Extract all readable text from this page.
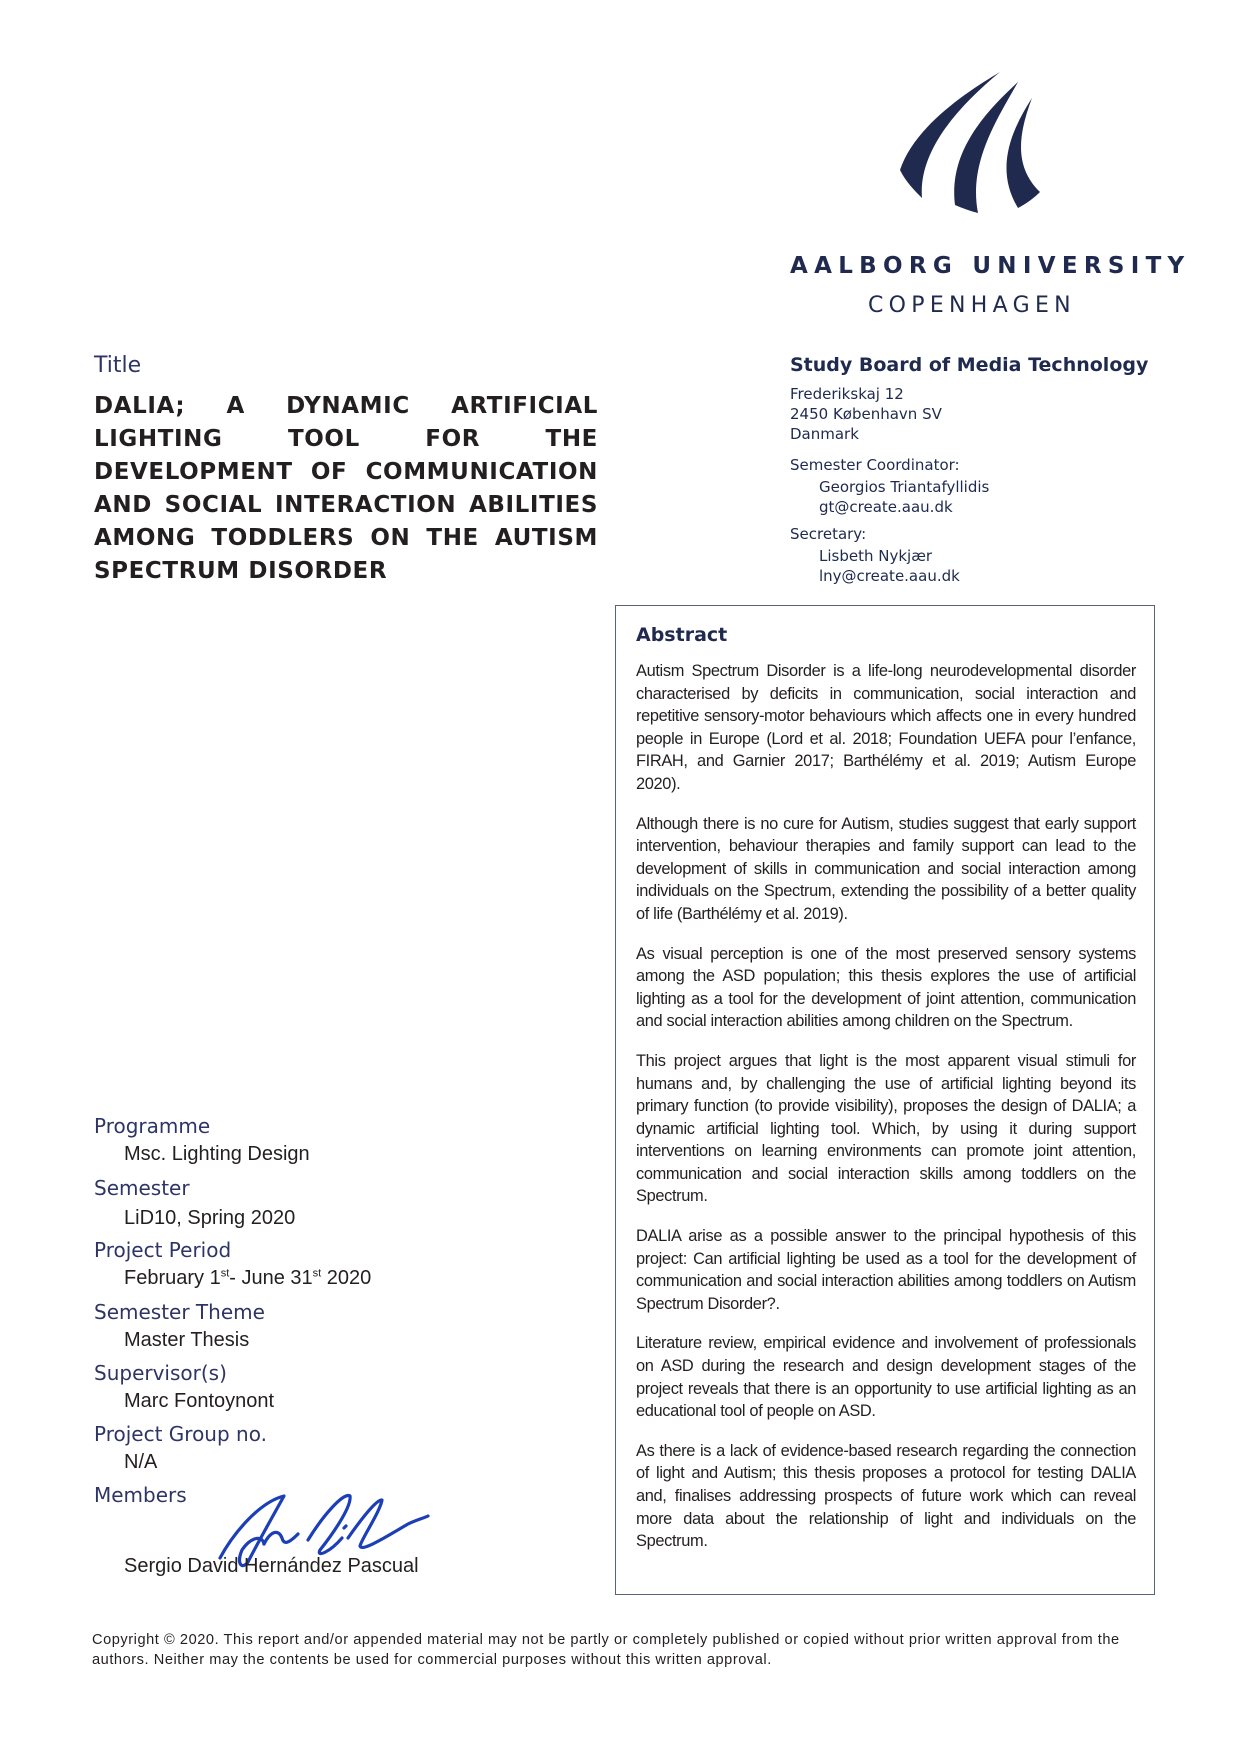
AALBORG UNIVERSITY
COPENHAGEN
Title
DALIA; A DYNAMIC ARTIFICIAL LIGHTING TOOL FOR THE DEVELOPMENT OF COMMUNICATION AND SOCIAL INTERACTION ABILITIES AMONG TODDLERS ON THE AUTISM SPECTRUM DISORDER
Study Board of Media Technology
Frederikskaj 12
2450 København SV
Danmark
Semester Coordinator:
Georgios Triantafyllidis
gt@create.aau.dk
Secretary:
Lisbeth Nykjær
lny@create.aau.dk
Abstract

Autism Spectrum Disorder is a life-long neurodevelopmental disorder characterised by deficits in communication, social interaction and repetitive sensory-motor behaviours which affects one in every hundred people in Europe (Lord et al. 2018; Foundation UEFA pour l’enfance, FIRAH, and Garnier 2017; Barthélémy et al. 2019; Autism Europe 2020).

Although there is no cure for Autism, studies suggest that early support intervention, behaviour therapies and family support can lead to the development of skills in communication and social interaction among individuals on the Spectrum, extending the possibility of a better quality of life (Barthélémy et al. 2019).

As visual perception is one of the most preserved sensory systems among the ASD population; this thesis explores the use of artificial lighting as a tool for the development of joint attention, communication and social interaction abilities among children on the Spectrum.

This project argues that light is the most apparent visual stimuli for humans and, by challenging the use of artificial lighting beyond its primary function (to provide visibility), proposes the design of DALIA; a dynamic artificial lighting tool. Which, by using it during support interventions on learning environments can promote joint attention, communication and social interaction skills among toddlers on the Spectrum.

DALIA arise as a possible answer to the principal hypothesis of this project: Can artificial lighting be used as a tool for the development of communication and social interaction abilities among toddlers on Autism Spectrum Disorder?.

Literature review, empirical evidence and involvement of professionals on ASD during the research and design development stages of the project reveals that there is an opportunity to use artificial lighting as an educational tool of people on ASD.

As there is a lack of evidence-based research regarding the connection of light and Autism; this thesis proposes a protocol for testing DALIA and, finalises addressing prospects of future work which can reveal more data about the relationship of light and individuals on the Spectrum.

Programme
Msc. Lighting Design
Semester
LiD10, Spring 2020
Project Period
February 1st- June 31st 2020
Semester Theme
Master Thesis
Supervisor(s)
Marc Fontoynont
Project Group no.
N/A
Members
Sergio David Hernández Pascual
Copyright © 2020. This report and/or appended material may not be partly or completely published or copied without prior written approval from the authors. Neither may the contents be used for commercial purposes without this written approval.
